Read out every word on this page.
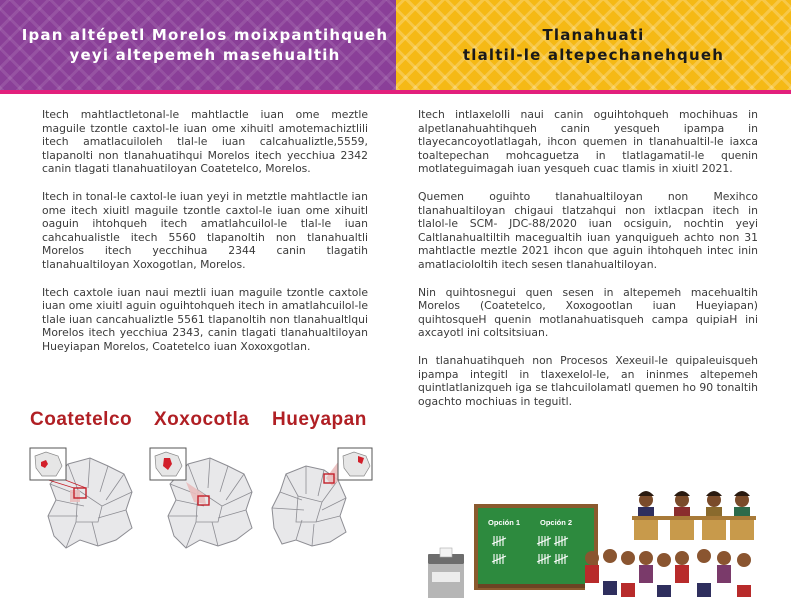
Ipan altépetl Morelos moixpantihqueh
yeyi altepemeh masehualtih
Tlanahuati
tlaltil-le altepechanehqueh

Itech mahtlactletonal-le mahtlactle iuan ome meztle maguile tzontle caxtol-le iuan ome xihuitl amotemachiztlili itech amatlacuiloleh tlal-le iuan calcahualiztle,5559, tlapanolti non tlanahuatihqui Morelos itech yecchiua 2342 canin tlagati tlanahuatiloyan Coatetelco, Morelos.

Itech in tonal-le caxtol-le iuan yeyi in metztle mahtlactle ian ome itech xiuitl maguile tzontle caxtol-le iuan ome xihuitl oaguin ihtohqueh itech amatlahcuilol-le tlal-le iuan cahcahualistle itech 5560 tlapanoltih non tlanahualtli Morelos itech yecchihua 2344 canin tlagatih tlanahualtiloyan Xoxogotlan, Morelos.

Itech caxtole iuan naui meztli iuan maguile tzontle caxtole iuan ome xiuitl aguin oguihtohqueh itech in amatlahcuilol-le tlale iuan cancahualiztle 5561 tlapanoltih non tlanahualtlqui Morelos itech yecchiua 2343, canin tlagati tlanahualtiloyan Hueyiapan Morelos, Coatetelco iuan Xoxoxgotlan.

Itech intlaxelolli naui canin oguihtohqueh mochihuas in alpetlanahuahtihqueh canin yesqueh ipampa in tlayecancoyotlatlagah, ihcon quemen in tlanahualtil-le iaxca toaltepechan mohcaguetza in tlatlagamatil-le quenin motlateguimagah iuan yesqueh cuac tlamis in xiuitl 2021.

Quemen oguihto tlanahualtiloyan non Mexihco tlanahualtiloyan chigaui tlatzahqui non ixtlacpan itech in tlalol-le SCM- JDC-88/2020 iuan ocsiguin, nochtin yeyi Caltlanahualtiltih macegualtih iuan yanquigueh achto non 31 mahtlactle meztle 2021 ihcon que aguin ihtohqueh intec inin amatlacioloItih itech sesen tlanahualtiloyan.

Nin quihtosnegui quen sesen in altepemeh macehualtih Morelos (Coatetelco, Xoxogootlan iuan Hueyiapan) quihtosqueH quenin motlanahuatisqueh campa quipiaH ini axcayotl ini coltsitsiuan.

In tlanahuatihqueh non Procesos Xexeuil-le quipaleuisqueh ipampa integitl in tlaxexelol-le, an ininmes altepemeh quintlatlanizqueh iga se tlahcuilolamatl quemen ho 90 tonaltih ogachto mochiuas in teguitl.

Coatetelco Xoxocotla Hueyapan
Opción 1	Opción 2
